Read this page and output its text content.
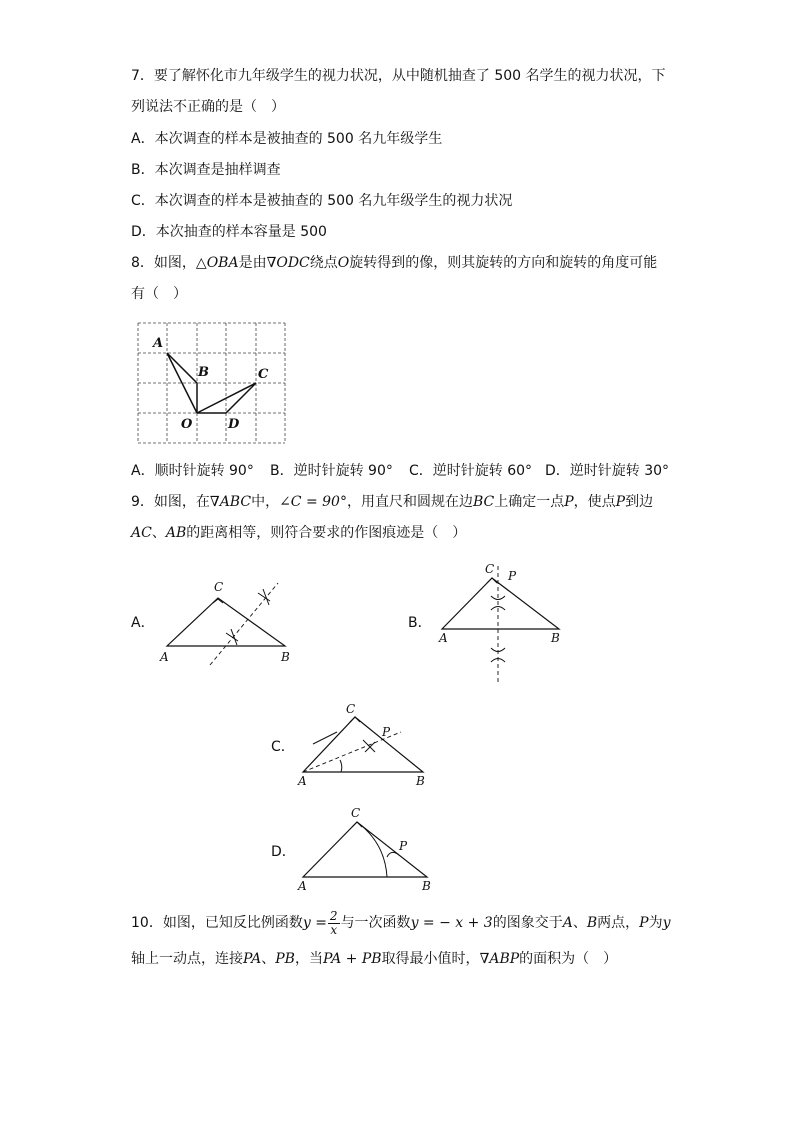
7．要了解怀化市九年级学生的视力状况，从中随机抽查了 500 名学生的视力状况，下
列说法不正确的是（　）
A．本次调查的样本是被抽查的 500 名九年级学生
B．本次调查是抽样调查
C．本次调查的样本是被抽查的 500 名九年级学生的视力状况
D．本次抽查的样本容量是 500
8．如图，△OBA是由∇ODC绕点O旋转得到的像，则其旋转的方向和旋转的角度可能
有（　）
A
B	C
O	D
A．顺时针旋转 90° B．逆时针旋转 90° C．逆时针旋转 60° D．逆时针旋转 30°
9．如图，在∇ABC中，∠C = 90°，用直尺和圆规在边BC上确定一点P，使点P到边
AC、AB的距离相等，则符合要求的作图痕迹是（　）
A．
C
A	B
B．
C P
A	B
C．
C
P
A	B
D．
C
P
A	B
10．如图，已知反比例函数$y = \frac{2}{x}$ 与一次函数y = − x + 3的图象交于A、B两点，P为y
轴上一动点，连接PA、PB，当PA + PB取得最小值时，∇ABP的面积为（　）
